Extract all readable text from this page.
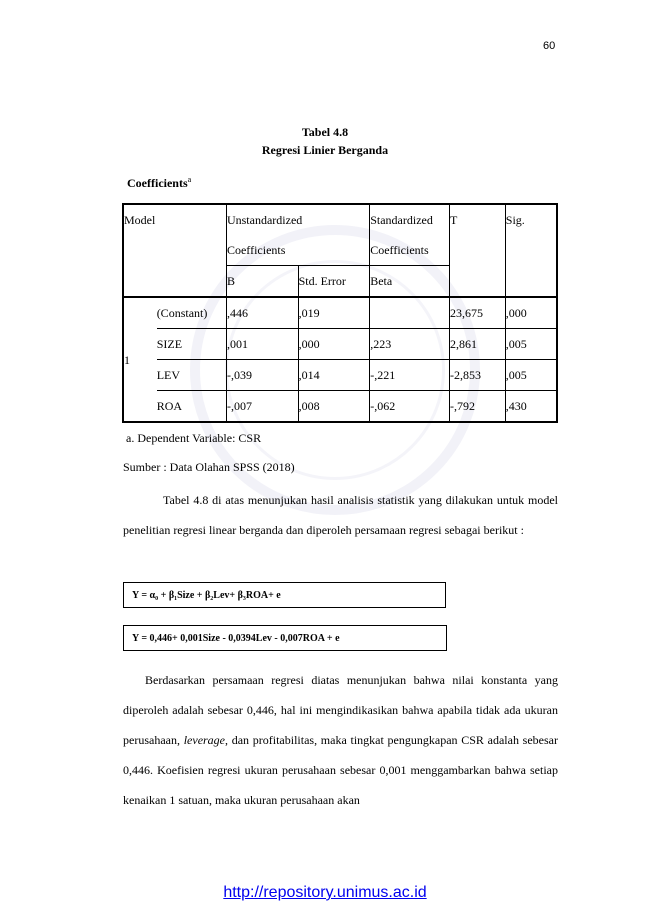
60
Tabel 4.8
Regresi Linier Berganda
Coefficients$^a$
Model		Unstandardized
Coefficients		Standardized
Coefficients	T	Sig.
		B	Std. Error	Beta		
1	(Constant)	,446	,019		23,675	,000
	SIZE	,001	,000	,223	2,861	,005
	LEV	-,039	,014	-,221	-2,853	,005
	ROA	-,007	,008	-,062	-,792	,430
a. Dependent Variable: CSR
Sumber : Data Olahan SPSS (2018)
Tabel 4.8 di atas menunjukan hasil analisis statistik yang dilakukan untuk model penelitian regresi linear berganda dan diperoleh persamaan regresi sebagai berikut :
Y = α₀ + β₁Size + β₂Lev+ β₃ROA+ e
Y = 0,446+ 0,001Size - 0,0394Lev - 0,007ROA + e
Berdasarkan persamaan regresi diatas menunjukan bahwa nilai konstanta yang diperoleh adalah sebesar 0,446, hal ini mengindikasikan bahwa apabila tidak ada ukuran perusahaan, leverage, dan profitabilitas, maka tingkat pengungkapan CSR adalah sebesar 0,446. Koefisien regresi ukuran perusahaan sebesar 0,001 menggambarkan bahwa setiap kenaikan 1 satuan, maka ukuran perusahaan akan
http://repository.unimus.ac.id
